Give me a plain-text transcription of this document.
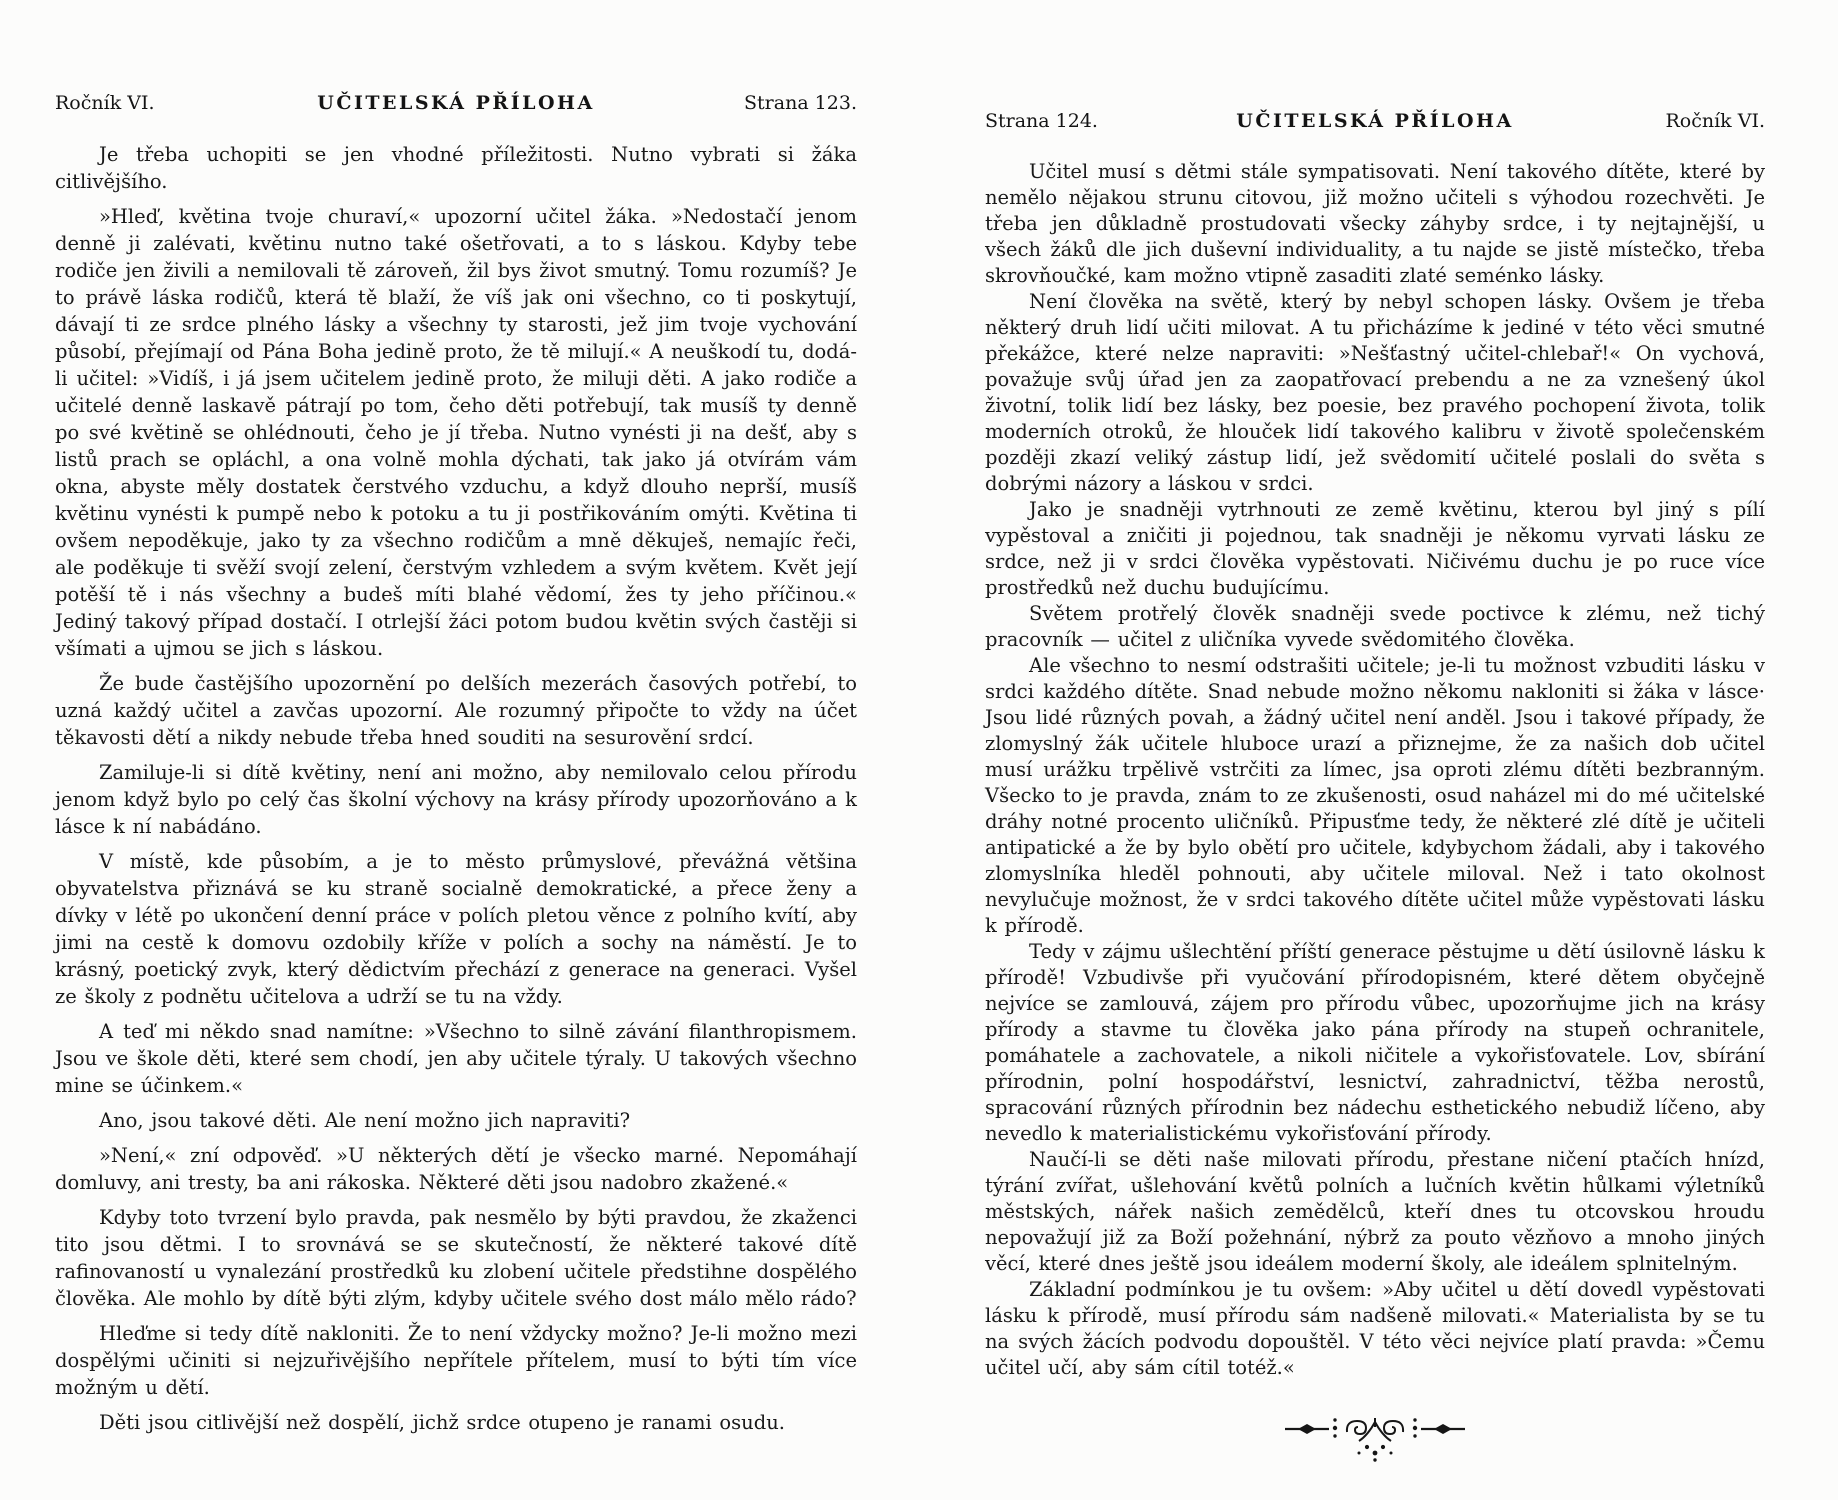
Ročník VI.	UČITELSKÁ PŘÍLOHA	Strana 123.

Je třeba uchopiti se jen vhodné příležitosti. Nutno vybrati si žáka citlivějšího.

»Hleď, květina tvoje churaví,« upozorní učitel žáka. »Nedostačí jenom denně ji zalévati, květinu nutno také ošetřovati, a to s láskou. Kdyby tebe rodiče jen živili a nemilovali tě zároveň, žil bys život smutný. Tomu rozumíš? Je to právě láska rodičů, která tě blaží, že víš jak oni všechno, co ti poskytují, dávají ti ze srdce plného lásky a všechny ty starosti, jež jim tvoje vychování působí, přejímají od Pána Boha jedině proto, že tě milují.« A neuškodí tu, dodá-li učitel: »Vidíš, i já jsem učitelem jedině proto, že miluji děti. A jako rodiče a učitelé denně laskavě pátrají po tom, čeho děti potřebují, tak musíš ty denně po své květině se ohlédnouti, čeho je jí třeba. Nutno vynésti ji na dešť, aby s listů prach se opláchl, a ona volně mohla dýchati, tak jako já otvírám vám okna, abyste měly dostatek čerstvého vzduchu, a když dlouho neprší, musíš květinu vynésti k pumpě nebo k potoku a tu ji postřikováním omýti. Květina ti ovšem nepoděkuje, jako ty za všechno rodičům a mně děkuješ, nemajíc řeči, ale poděkuje ti svěží svojí zelení, čerstvým vzhledem a svým květem. Květ její potěší tě i nás všechny a budeš míti blahé vědomí, žes ty jeho příčinou.« Jediný takový případ dostačí. I otrlejší žáci potom budou květin svých častěji si všímati a ujmou se jich s láskou.

Že bude častějšího upozornění po delších mezerách časových potřebí, to uzná každý učitel a zavčas upozorní. Ale rozumný připočte to vždy na účet těkavosti dětí a nikdy nebude třeba hned souditi na sesurovění srdcí.

Zamiluje-li si dítě květiny, není ani možno, aby nemilovalo celou přírodu jenom když bylo po celý čas školní výchovy na krásy přírody upozorňováno a k lásce k ní nabádáno.

V místě, kde působím, a je to město průmyslové, převážná většina obyvatelstva přiznává se ku straně socialně demokratické, a přece ženy a dívky v létě po ukončení denní práce v polích pletou věnce z polního kvítí, aby jimi na cestě k domovu ozdobily kříže v polích a sochy na náměstí. Je to krásný, poetický zvyk, který dědictvím přechází z generace na generaci. Vyšel ze školy z podnětu učitelova a udrží se tu na vždy.

A teď mi někdo snad namítne: »Všechno to silně závání filanthropismem. Jsou ve škole děti, které sem chodí, jen aby učitele týraly. U takových všechno mine se účinkem.«

Ano, jsou takové děti. Ale není možno jich napraviti?

»Není,« zní odpověď. »U některých dětí je všecko marné. Nepomáhají domluvy, ani tresty, ba ani rákoska. Některé děti jsou nadobro zkažené.«

Kdyby toto tvrzení bylo pravda, pak nesmělo by býti pravdou, že zkaženci tito jsou dětmi. I to srovnává se se skutečností, že některé takové dítě rafinovaností u vynalezání prostředků ku zlobení učitele předstihne dospělého člověka. Ale mohlo by dítě býti zlým, kdyby učitele svého dost málo mělo rádo?

Hleďme si tedy dítě nakloniti. Že to není vždycky možno? Je-li možno mezi dospělými učiniti si nejzuřivějšího nepřítele přítelem, musí to býti tím více možným u dětí.

Děti jsou citlivější než dospělí, jichž srdce otupeno je ranami osudu.

Strana 124.	UČITELSKÁ PŘÍLOHA	Ročník VI.

Učitel musí s dětmi stále sympatisovati. Není takového dítěte, které by nemělo nějakou strunu citovou, již možno učiteli s výhodou rozechvěti. Je třeba jen důkladně prostudovati všecky záhyby srdce, i ty nejtajnější, u všech žáků dle jich duševní individuality, a tu najde se jistě místečko, třeba skrovňoučké, kam možno vtipně zasaditi zlaté seménko lásky.

Není člověka na světě, který by nebyl schopen lásky. Ovšem je třeba některý druh lidí učiti milovat. A tu přicházíme k jediné v této věci smutné překážce, které nelze napraviti: »Nešťastný učitel-chlebař!« On vychová, považuje svůj úřad jen za zaopatřovací prebendu a ne za vznešený úkol životní, tolik lidí bez lásky, bez poesie, bez pravého pochopení života, tolik moderních otroků, že hlouček lidí takového kalibru v životě společenském později zkazí veliký zástup lidí, jež svědomití učitelé poslali do světa s dobrými názory a láskou v srdci.

Jako je snadněji vytrhnouti ze země květinu, kterou byl jiný s pílí vypěstoval a zničiti ji pojednou, tak snadněji je někomu vyrvati lásku ze srdce, než ji v srdci člověka vypěstovati. Ničivému duchu je po ruce více prostředků než duchu budujícímu.

Světem protřelý člověk snadněji svede poctivce k zlému, než tichý pracovník — učitel z uličníka vyvede svědomitého člověka.

Ale všechno to nesmí odstrašiti učitele; je-li tu možnost vzbuditi lásku v srdci každého dítěte. Snad nebude možno někomu nakloniti si žáka v lásce· Jsou lidé různých povah, a žádný učitel není anděl. Jsou i takové případy, že zlomyslný žák učitele hluboce urazí a přiznejme, že za našich dob učitel musí urážku trpělivě vstrčiti za límec, jsa oproti zlému dítěti bezbranným. Všecko to je pravda, znám to ze zkušenosti, osud naházel mi do mé učitelské dráhy notné procento uličníků. Připusťme tedy, že některé zlé dítě je učiteli antipatické a že by bylo obětí pro učitele, kdybychom žádali, aby i takového zlomyslníka hleděl pohnouti, aby učitele miloval. Než i tato okolnost nevylučuje možnost, že v srdci takového dítěte učitel může vypěstovati lásku k přírodě.

Tedy v zájmu ušlechtění příští generace pěstujme u dětí úsilovně lásku k přírodě! Vzbudivše při vyučování přírodopisném, které dětem obyčejně nejvíce se zamlouvá, zájem pro přírodu vůbec, upozorňujme jich na krásy přírody a stavme tu člověka jako pána přírody na stupeň ochranitele, pomáhatele a zachovatele, a nikoli ničitele a vykořisťovatele. Lov, sbírání přírodnin, polní hospodářství, lesnictví, zahradnictví, těžba nerostů, spracování různých přírodnin bez nádechu esthetického nebudiž líčeno, aby nevedlo k materialistickému vykořisťování přírody.

Naučí-li se děti naše milovati přírodu, přestane ničení ptačích hnízd, týrání zvířat, ušlehování květů polních a lučních květin hůlkami výletníků městských, nářek našich zemědělců, kteří dnes tu otcovskou hroudu nepovažují již za Boží požehnání, nýbrž za pouto vězňovo a mnoho jiných věcí, které dnes ještě jsou ideálem moderní školy, ale ideálem splnitelným.

Základní podmínkou je tu ovšem: »Aby učitel u dětí dovedl vypěstovati lásku k přírodě, musí přírodu sám nadšeně milovati.« Materialista by se tu na svých žácích podvodu dopouštěl. V této věci nejvíce platí pravda: »Čemu učitel učí, aby sám cítil totéž.«
